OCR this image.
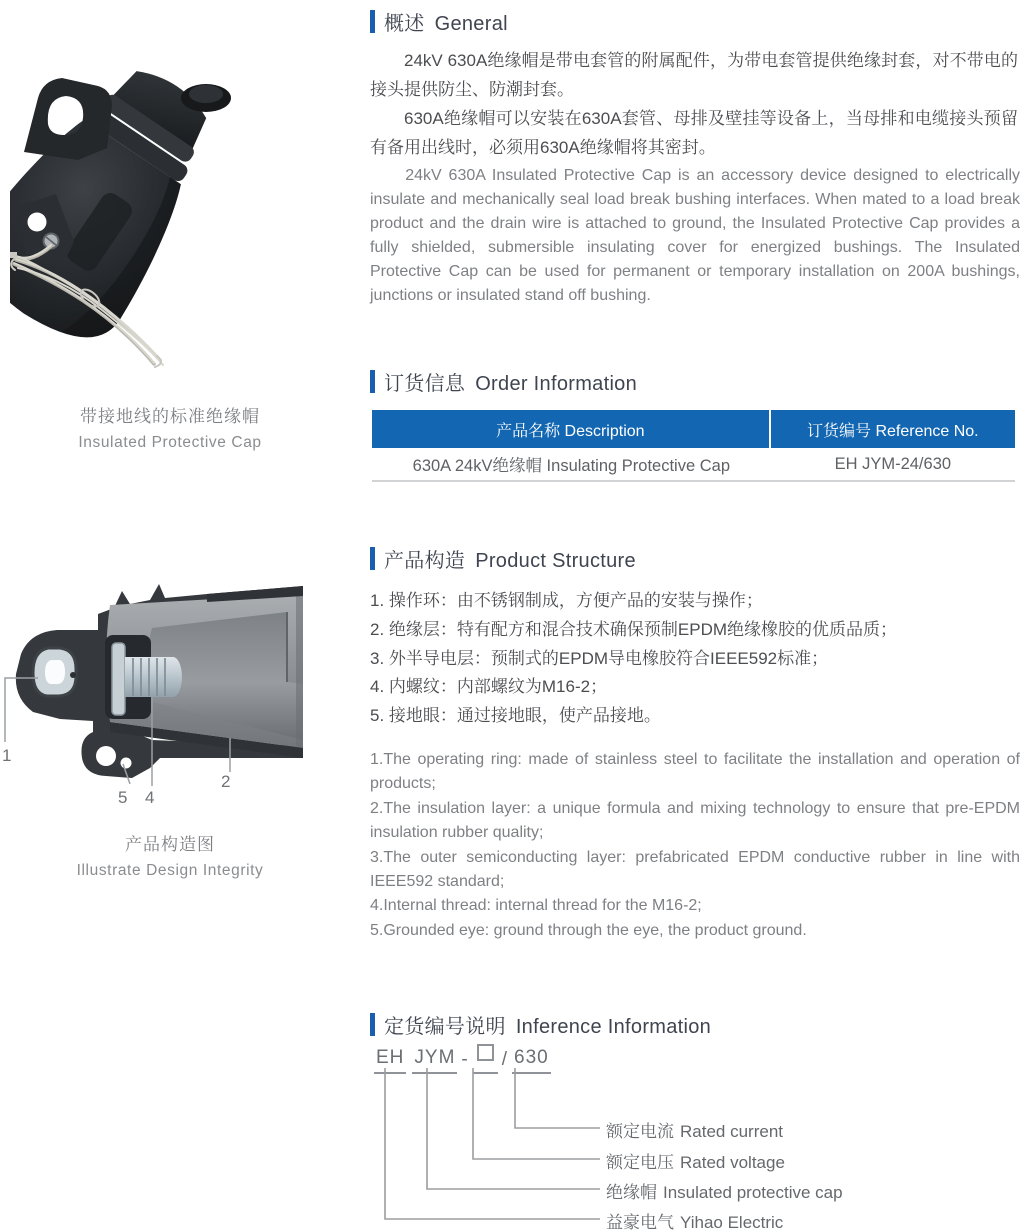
带接地线的标准绝缘帽
Insulated Protective Cap
1
2
4
5
产品构造图
Illustrate Design Integrity
概述 General

24kV 630A绝缘帽是带电套管的附属配件，为带电套管提供绝缘封套，对不带电的接头提供防尘、防潮封套。

630A绝缘帽可以安装在630A套管、母排及壁挂等设备上，当母排和电缆接头预留有备用出线时，必须用630A绝缘帽将其密封。

24kV 630A Insulated Protective Cap is an accessory device designed to electrically insulate and mechanically seal load break bushing interfaces. When mated to a load break product and the drain wire is attached to ground, the Insulated Protective Cap provides a fully shielded, submersible insulating cover for energized bushings. The Insulated Protective Cap can be used for permanent or temporary installation on 200A bushings, junctions or insulated stand off bushing.

订货信息 Order Information
产品名称 Description	订货编号 Reference No.
630A 24kV绝缘帽 Insulating Protective Cap	EH JYM-24/630
产品构造 Product Structure
1. 操作环：由不锈钢制成，方便产品的安装与操作；
2. 绝缘层：特有配方和混合技术确保预制EPDM绝缘橡胶的优质品质；
3. 外半导电层：预制式的EPDM导电橡胶符合IEEE592标准；
4. 内螺纹：内部螺纹为M16-2；
5. 接地眼：通过接地眼，使产品接地。

1.The operating ring: made of stainless steel to facilitate the installation and operation of products;

2.The insulation layer: a unique formula and mixing technology to ensure that pre-EPDM insulation rubber quality;

3.The outer semiconducting layer: prefabricated EPDM conductive rubber in line with IEEE592 standard;

4.Internal thread: internal thread for the M16-2;

5.Grounded eye: ground through the eye, the product ground.

定货编号说明 Inference Information
EH JYM - / 630
额定电流 Rated current
额定电压 Rated voltage
绝缘帽 Insulated protective cap
益豪电气 Yihao Electric
